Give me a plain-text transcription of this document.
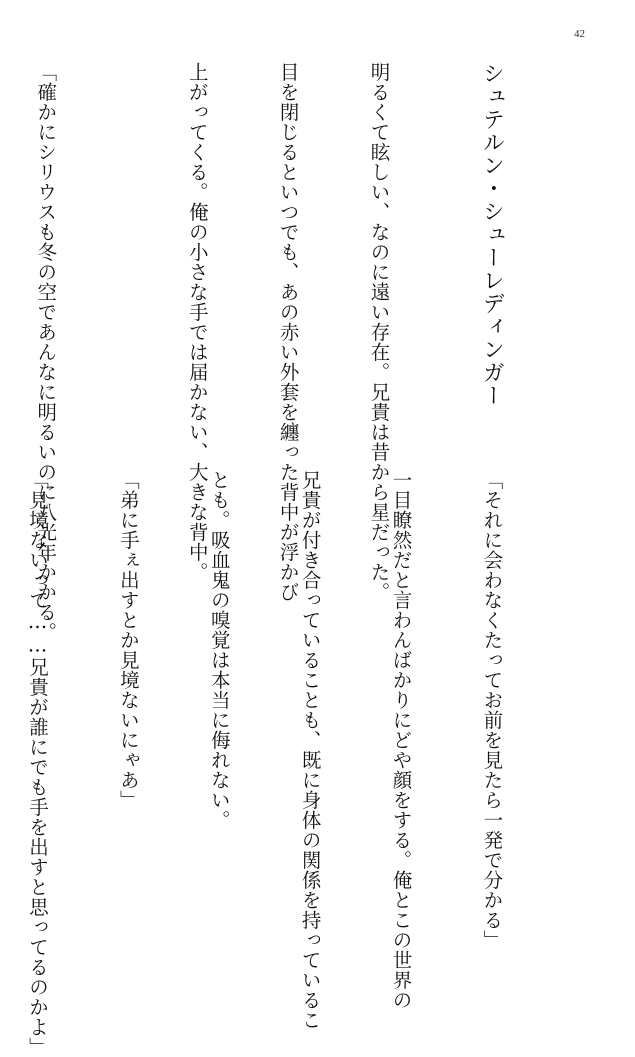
42

シュテルン・シューレディンガー

明るくて眩しい、なのに遠い存在。兄貴は昔から星だった。

目を閉じるといつでも、あの赤い外套を纏った背中が浮かび

上がってくる。俺の小さな手では届かない、大きな背中。

「確かにシリウスも冬の空であんなに明るいのに八光年かかる。

「それに会わなくたってお前を見たら一発で分かる」

一目瞭然だと言わんばかりにどや顔をする。俺とこの世界の

兄貴が付き合っていることも、既に身体の関係を持っているこ

とも。吸血鬼の嗅覚は本当に侮れない。

「弟に手ぇ出すとか見境ないにゃあ」

「見境ないって……兄貴が誰にでも手を出すと思ってるのかよ」
